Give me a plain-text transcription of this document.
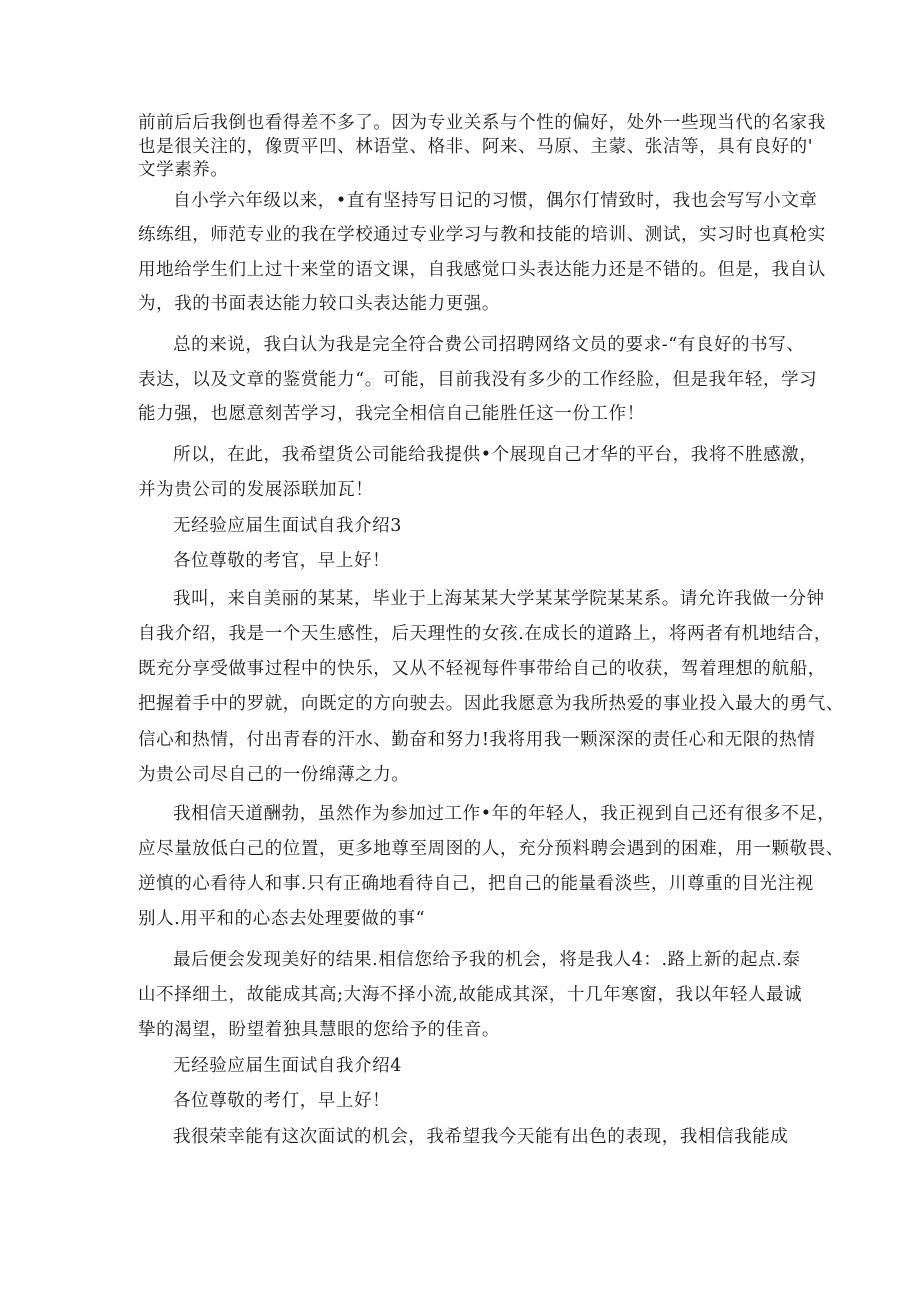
前前后后我倒也看得差不多了。因为专业关系与个性的偏好，处外一些现当代的名家我
也是很关注的，像贾平凹、林语堂、格非、阿来、马原、主蒙、张洁等，具有良好的'
文学素养。
自小学六年级以来，•直有坚持写日记的习惯，偶尔仃情致时，我也会写写小文章
练练组，师范专业的我在学校通过专业学习与教和技能的培训、测试，实习时也真枪实
用地给学生们上过十来堂的语文课，自我感觉口头表达能力还是不错的。但是，我自认
为，我的书面表达能力较口头表达能力更强。
总的来说，我白认为我是完全符合费公司招聘网络文员的要求-“有良好的书写、
表达，以及文章的鉴赏能力“。可能，目前我没有多少的工作经脸，但是我年轻，学习
能力强，也愿意刻苦学习，我完全相信自己能胜任这一份工作！
所以，在此，我希望货公司能给我提供•个展现自己才华的平台，我将不胜感激，
并为贵公司的发展添联加瓦！
无经验应届生面试自我介绍3
各位尊敬的考官，早上好！
我叫，来自美丽的某某，毕业于上海某某大学某某学院某某系。请允许我做一分钟
自我介绍，我是一个天生感性，后天理性的女孩.在成长的道路上，将两者有机地结合，
既充分享受做事过程中的快乐，又从不轻视每件事带给自己的收获，驾着理想的航船，
把握着手中的罗就，向既定的方向驶去。因此我愿意为我所热爱的事业投入最大的勇气、
信心和热情，付出青春的汗水、勤奋和努力!我将用我一颗深深的责任心和无限的热情
为贵公司尽自己的一份绵薄之力。
我相信天道酬勃，虽然作为参加过工作•年的年轻人，我正视到自己还有很多不足，
应尽量放低白己的位置，更多地尊至周囹的人，充分预料聘会遇到的困难，用一颗敬畏、
逆慎的心看待人和事.只有正确地看待自己，把自己的能量看淡些，川尊重的目光注视
别人.用平和的心态去处理要做的事“
最后便会发现美好的结果.相信您给予我的机会，将是我人4：.路上新的起点.泰
山不择细土，故能成其高;大海不择小流,故能成其深，十几年寒窗，我以年轻人最诚
挚的渴望，盼望着独具慧眼的您给予的佳音。
无经验应届生面试自我介绍4
各位尊敬的考仃，早上好！
我很荣幸能有这次面试的机会，我希望我今天能有出色的表现，我相信我能成
